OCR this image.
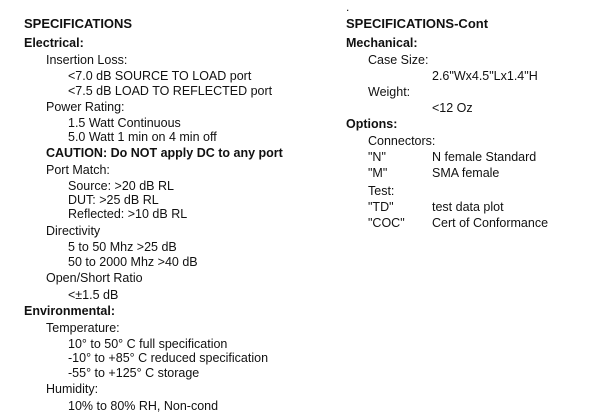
SPECIFICATIONS
Electrical:
Insertion Loss:
<7.0 dB SOURCE TO LOAD port
<7.5 dB LOAD TO REFLECTED port
Power Rating:
1.5 Watt Continuous
5.0 Watt 1 min on 4 min off
CAUTION: Do NOT apply DC to any port
Port Match:
Source: >20 dB RL
DUT: >25 dB RL
Reflected: >10 dB RL
Directivity
5 to 50 Mhz >25 dB
50 to 2000 Mhz >40 dB
Open/Short Ratio
<±1.5 dB
Environmental:
Temperature:
10° to 50° C full specification
-10° to +85° C reduced specification
-55° to +125° C storage
Humidity:
10% to 80% RH, Non-cond
.
SPECIFICATIONS-Cont
Mechanical:
Case Size:
2.6"Wx4.5"Lx1.4"H
Weight:
<12 Oz
Options:
Connectors:
"N"	N female Standard
"M"	SMA female
Test:
"TD"	test data plot
"COC" Cert of Conformance
